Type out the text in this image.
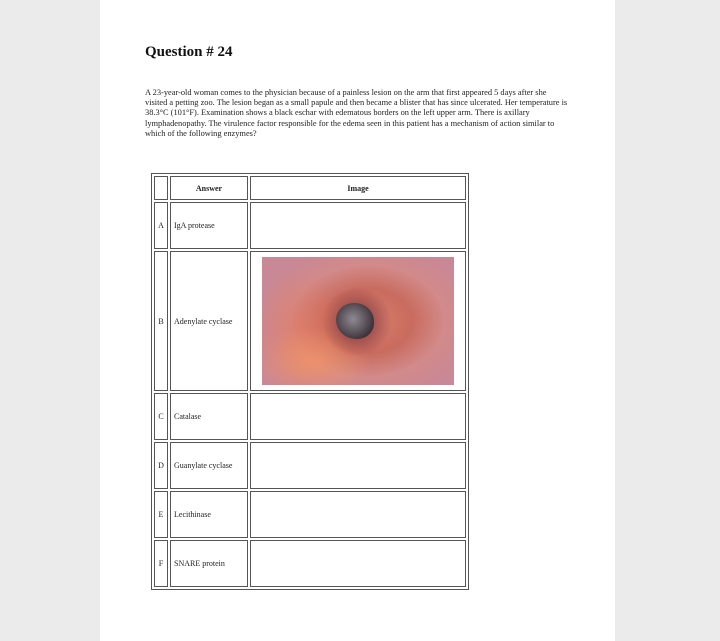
Question # 24
A 23-year-old woman comes to the physician because of a painless lesion on the arm that first appeared 5 days after she visited a petting zoo. The lesion began as a small papule and then became a blister that has since ulcerated. Her temperature is 38.3°C (101°F). Examination shows a black eschar with edematous borders on the left upper arm. There is axillary lymphadenopathy. The virulence factor responsible for the edema seen in this patient has a mechanism of action similar to which of the following enzymes?
	Answer	Image
A	IgA protease	
B	Adenylate cyclase	

C	Catalase	
D	Guanylate cyclase	
E	Lecithinase	
F	SNARE protein	
